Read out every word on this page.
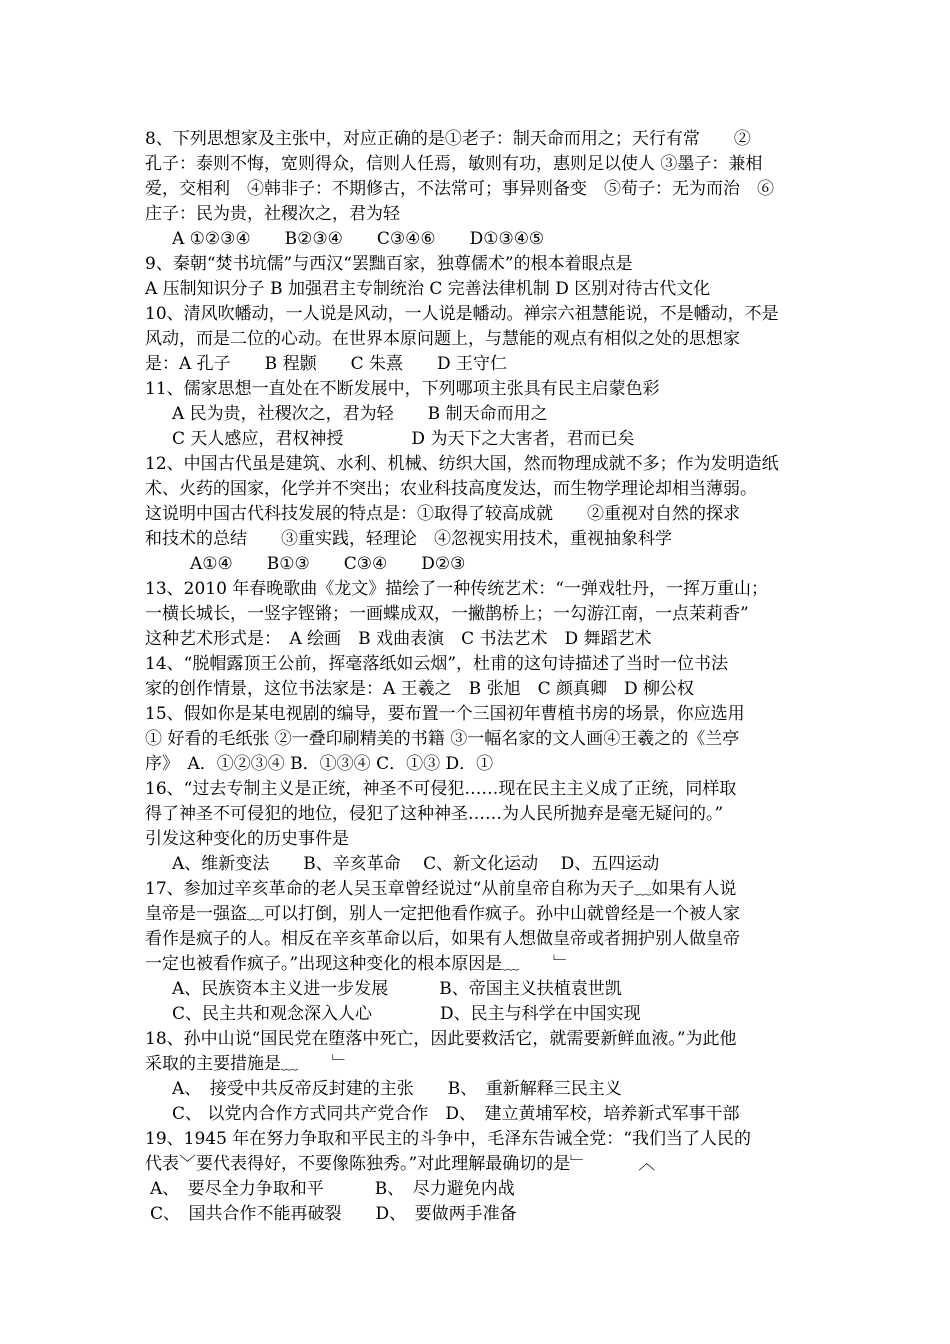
8、下列思想家及主张中，对应正确的是①老子：制天命而用之；天行有常　　②
孔子：泰则不悔，宽则得众，信则人任焉，敏则有功，惠则足以使人 ③墨子：兼相
爱，交相利　④韩非子：不期修古，不法常可；事异则备变　⑤荀子：无为而治　⑥
庄子：民为贵，社稷次之，君为轻
A ①②③④　　B②③④　　C③④⑥　　D①③④⑤
9、秦朝“焚书坑儒”与西汉“罢黜百家，独尊儒术”的根本着眼点是
A 压制知识分子 B 加强君主专制统治 C 完善法律机制 D 区别对待古代文化
10、清风吹幡动，一人说是风动，一人说是幡动。禅宗六祖慧能说，不是幡动，不是
风动，而是二位的心动。在世界本原问题上，与慧能的观点有相似之处的思想家
是：A 孔子　　B 程颢　　C 朱熹　　D 王守仁
11、儒家思想一直处在不断发展中，下列哪项主张具有民主启蒙色彩
A 民为贵，社稷次之，君为轻　　B 制天命而用之
C 天人感应，君权神授　　　　D 为天下之大害者，君而已矣
12、中国古代虽是建筑、水利、机械、纺织大国，然而物理成就不多；作为发明造纸
术、火药的国家，化学并不突出；农业科技高度发达，而生物学理论却相当薄弱。
这说明中国古代科技发展的特点是：①取得了较高成就　　②重视对自然的探求
和技术的总结　　③重实践，轻理论　④忽视实用技术，重视抽象科学
A①④　　B①③　　C③④　　D②③
13、2010 年春晚歌曲《龙文》描绘了一种传统艺术：“一弹戏牡丹，一挥万重山；
一横长城长，一竖字铿锵；一画蝶成双，一撇鹊桥上；一勾游江南，一点茉莉香”
这种艺术形式是：　A 绘画　B 戏曲表演　C 书法艺术　D 舞蹈艺术
14、“脱帽露顶王公前，挥毫落纸如云烟”，杜甫的这句诗描述了当时一位书法
家的创作情景，这位书法家是：A 王羲之　B 张旭　C 颜真卿　D 柳公权
15、假如你是某电视剧的编导，要布置一个三国初年曹植书房的场景，你应选用
① 好看的毛纸张 ②一叠印刷精美的书籍 ③一幅名家的文人画④王羲之的《兰亭
序》　A．①②③④ B．①③④ C．①③ D．①
16、“过去专制主义是正统，神圣不可侵犯……现在民主主义成了正统，同样取
得了神圣不可侵犯的地位，侵犯了这种神圣……为人民所抛弃是毫无疑问的。”
引发这种变化的历史事件是
A、维新变法　　B、辛亥革命　 C、新文化运动　 D、五四运动
17、参加过辛亥革命的老人吴玉章曾经说过“从前皇帝自称为天子﹏如果有人说
皇帝是一强盗﹏可以打倒，别人一定把他看作疯子。孙中山就曾经是一个被人家
看作是疯子的人。相反在辛亥革命以后，如果有人想做皇帝或者拥护别人做皇帝
一定也被看作疯子。”出现这种变化的根本原因是﹏　　﹂
A、民族资本主义进一步发展　　　B、帝国主义扶植袁世凯
C、民主共和观念深入人心　　　　D、民主与科学在中国实现
18、孙中山说“国民党在堕落中死亡，因此要救活它，就需要新鲜血液。”为此他
采取的主要措施是﹏　　﹂
A、　接受中共反帝反封建的主张　　B、　重新解释三民主义
C、 以党内合作方式同共产党合作　D、　建立黄埔军校，培养新式军事干部
19、1945 年在努力争取和平民主的斗争中，毛泽东告诫全党：“我们当了人民的
代表﹀要代表得好，不要像陈独秀。”对此理解最确切的是﹂　　　︿
A、　要尽全力争取和平　　　B、　尽力避免内战
C、　国共合作不能再破裂　　D、　要做两手准备
